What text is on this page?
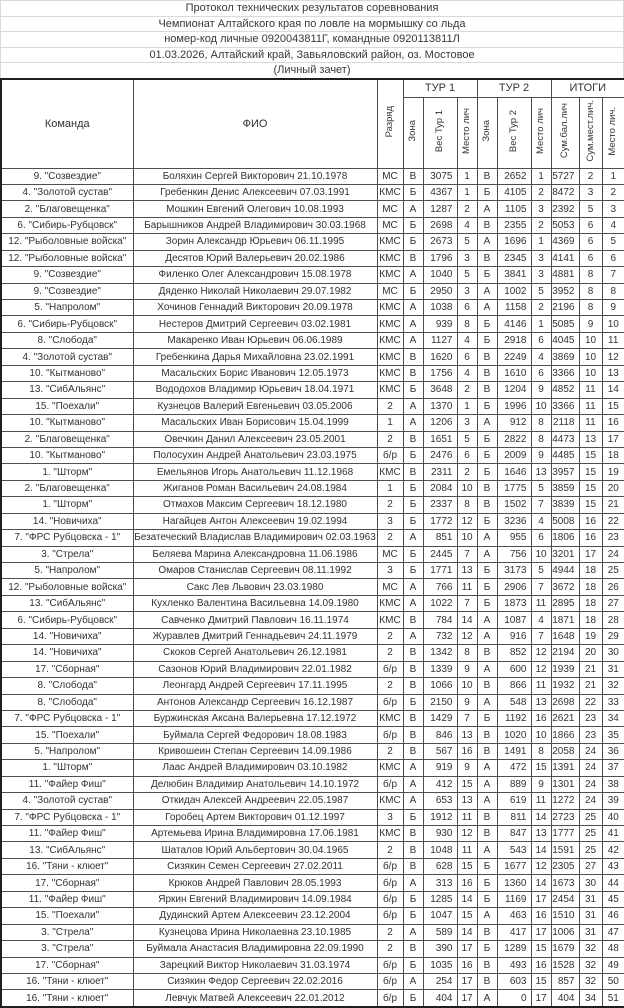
Протокол технических результатов соревнования
Чемпионат Алтайского края по ловле на мормышку со льда
номер-код личные 0920043811Г, командные 0920113811Л
01.03.2026, Алтайский край, Завьяловский район, оз. Мостовое
(Личный зачет)
Команда	ФИО	Разряд	ТУР 1			ТУР 2			ИТОГИ		
			Зона	Вес Тур 1	Место лич	Зона	Вес Тур 2	Место лич	Сум.бал.лич	Сум.мест.лич.	Место лич.
9. "Созвездие"	Боляхин Сергей Викторович 21.10.1978	МС	В	3075	1	В	2652	1	5727	2	1
4. "Золотой сустав"	Гребенкин Денис Алексеевич 07.03.1991	КМС	Б	4367	1	Б	4105	2	8472	3	2
2. "Благовещенка"	Мошкин Евгений Олегович 10.08.1993	МС	А	1287	2	А	1105	3	2392	5	3
6. "Сибирь-Рубцовск"	Барышников Андрей Владимирович 30.03.1968	МС	Б	2698	4	В	2355	2	5053	6	4
12. "Рыболовные войска"	Зорин Александр Юрьевич 06.11.1995	КМС	Б	2673	5	А	1696	1	4369	6	5
12. "Рыболовные войска"	Десятов Юрий Валерьевич 20.02.1986	КМС	В	1796	3	В	2345	3	4141	6	6
9. "Созвездие"	Филенко Олег Александрович 15.08.1978	КМС	А	1040	5	Б	3841	3	4881	8	7
9. "Созвездие"	Дяденко Николай Николаевич 29.07.1982	МС	Б	2950	3	А	1002	5	3952	8	8
5. "Напролом"	Хочинов Геннадий Викторович 20.09.1978	КМС	А	1038	6	А	1158	2	2196	8	9
6. "Сибирь-Рубцовск"	Нестеров Дмитрий Сергеевич 03.02.1981	КМС	А	939	8	Б	4146	1	5085	9	10
8. "Слобода"	Макаренко Иван Юрьевич 06.06.1989	КМС	А	1127	4	Б	2918	6	4045	10	11
4. "Золотой сустав"	Гребенкина Дарья Михайловна 23.02.1991	КМС	В	1620	6	В	2249	4	3869	10	12
10. "Кытманово"	Масальских Борис Иванович 12.05.1973	КМС	В	1756	4	В	1610	6	3366	10	13
13. "СибАльянс"	Вододохов Владимир Юрьевич 18.04.1971	КМС	Б	3648	2	В	1204	9	4852	11	14
15. "Поехали"	Кузнецов Валерий Евгеньевич 03.05.2006	2	А	1370	1	Б	1996	10	3366	11	15
10. "Кытманово"	Масальских Иван Борисович 15.04.1999	1	А	1206	3	А	912	8	2118	11	16
2. "Благовещенка"	Овечкин Данил Алексеевич 23.05.2001	2	В	1651	5	Б	2822	8	4473	13	17
10. "Кытманово"	Полосухин Андрей Анатольевич 23.03.1975	б/р	Б	2476	6	Б	2009	9	4485	15	18
1. "Шторм"	Емельянов Игорь Анатольевич 11.12.1968	КМС	В	2311	2	Б	1646	13	3957	15	19
2. "Благовещенка"	Жиганов Роман Васильевич 24.08.1984	1	Б	2084	10	В	1775	5	3859	15	20
1. "Шторм"	Отмахов Максим Сергеевич 18.12.1980	2	Б	2337	8	В	1502	7	3839	15	21
14. "Новичиха"	Нагайцев Антон Алексеевич 19.02.1994	3	Б	1772	12	Б	3236	4	5008	16	22
7. "ФРС Рубцовска - 1"	Безатеческий Владислав Владимирович 02.03.1963	2	А	851	10	А	955	6	1806	16	23
3. "Стрела"	Беляева Марина Александровна 11.06.1986	МС	Б	2445	7	А	756	10	3201	17	24
5. "Напролом"	Омаров Станислав Сергеевич 08.11.1992	3	Б	1771	13	Б	3173	5	4944	18	25
12. "Рыболовные войска"	Сакс Лев Львович 23.03.1980	МС	А	766	11	Б	2906	7	3672	18	26
13. "СибАльянс"	Кухленко Валентина Васильевна 14.09.1980	КМС	А	1022	7	Б	1873	11	2895	18	27
6. "Сибирь-Рубцовск"	Савченко Дмитрий Павлович 16.11.1974	КМС	В	784	14	А	1087	4	1871	18	28
14. "Новичиха"	Журавлев Дмитрий Геннадьевич 24.11.1979	2	А	732	12	А	916	7	1648	19	29
14. "Новичиха"	Скоков Сергей Анатольевич 26.12.1981	2	В	1342	8	В	852	12	2194	20	30
17. "Сборная"	Сазонов Юрий Владимирович 22.01.1982	б/р	В	1339	9	А	600	12	1939	21	31
8. "Слобода"	Леонгард Андрей Сергеевич 17.11.1995	2	В	1066	10	В	866	11	1932	21	32
8. "Слобода"	Антонов Александр Сергеевич 16.12.1987	б/р	Б	2150	9	А	548	13	2698	22	33
7. "ФРС Рубцовска - 1"	Буржинская Аксана Валерьевна 17.12.1972	КМС	В	1429	7	Б	1192	16	2621	23	34
15. "Поехали"	Буймала Сергей Федорович 18.08.1983	б/р	В	846	13	В	1020	10	1866	23	35
5. "Напролом"	Кривошеин Степан Сергеевич 14.09.1986	2	В	567	16	В	1491	8	2058	24	36
1. "Шторм"	Лаас Андрей Владимирович 03.10.1982	КМС	А	919	9	А	472	15	1391	24	37
11. "Файер Фиш"	Делюбин Владимир Анатольевич 14.10.1972	б/р	А	412	15	А	889	9	1301	24	38
4. "Золотой сустав"	Откидач Алексей Андреевич 22.05.1987	КМС	А	653	13	А	619	11	1272	24	39
7. "ФРС Рубцовска - 1"	Горобец Артем Викторович 01.12.1997	3	Б	1912	11	В	811	14	2723	25	40
11. "Файер Фиш"	Артемьева Ирина Владимировна 17.06.1981	КМС	В	930	12	В	847	13	1777	25	41
13. "СибАльянс"	Шаталов Юрий Альбертович 30.04.1965	2	В	1048	11	А	543	14	1591	25	42
16. "Тяни - клюет"	Сизякин Семен Сергеевич 27.02.2011	б/р	В	628	15	Б	1677	12	2305	27	43
17. "Сборная"	Крюков Андрей Павлович 28.05.1993	б/р	А	313	16	Б	1360	14	1673	30	44
11. "Файер Фиш"	Яркин Евгений Владимирович 14.09.1984	б/р	Б	1285	14	Б	1169	17	2454	31	45
15. "Поехали"	Дудинский Артем Алексеевич 23.12.2004	б/р	Б	1047	15	А	463	16	1510	31	46
3. "Стрела"	Кузнецова Ирина Николаевна 23.10.1985	2	А	589	14	В	417	17	1006	31	47
3. "Стрела"	Буймала Анастасия Владимировна 22.09.1990	2	В	390	17	Б	1289	15	1679	32	48
17. "Сборная"	Зарецкий Виктор Николаевич 31.03.1974	б/р	Б	1035	16	В	493	16	1528	32	49
16. "Тяни - клюет"	Сизякин Федор Сергеевич 22.02.2016	б/р	А	254	17	В	603	15	857	32	50
16. "Тяни - клюет"	Левчук Матвей Алексеевич 22.01.2012	б/р	Б	404	17	А	0	17	404	34	51
